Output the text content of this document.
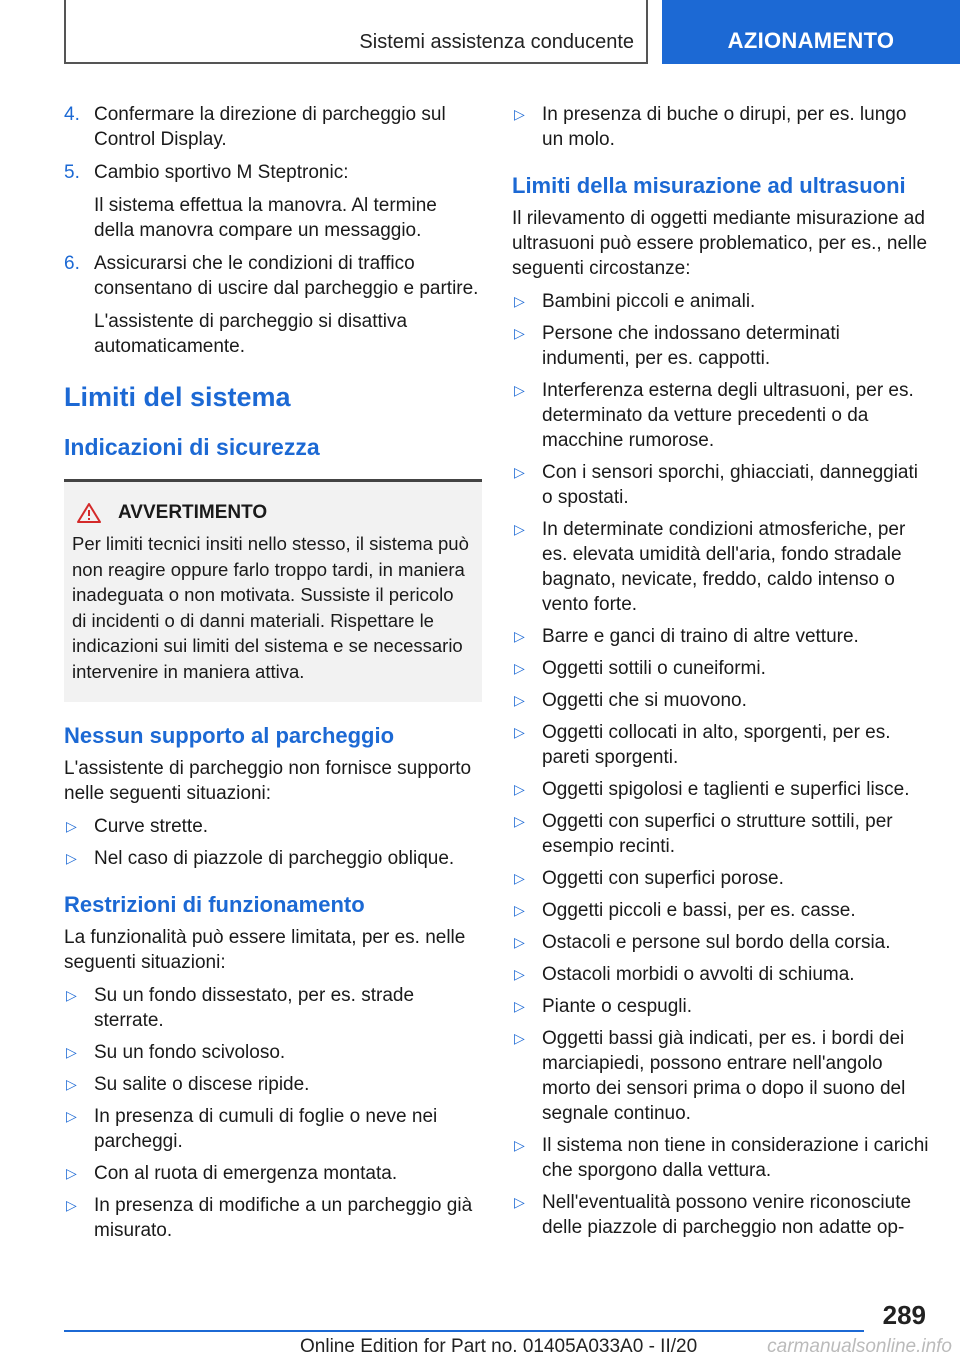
Sistemi assistenza conducente	AZIONAMENTO
4. Confermare la direzione di parcheggio sul Control Display.
5. Cambio sportivo M Steptronic:
Il sistema effettua la manovra. Al termine della manovra compare un messaggio.
6. Assicurarsi che le condizioni di traffico consentano di uscire dal parcheggio e partire.
L'assistente di parcheggio si disattiva automaticamente.
Limiti del sistema
Indicazioni di sicurezza
AVVERTIMENTO
Per limiti tecnici insiti nello stesso, il sistema può non reagire oppure farlo troppo tardi, in maniera inadeguata o non motivata. Sussiste il pericolo di incidenti o di danni materiali. Rispettare le indicazioni sui limiti del sistema e se necessario intervenire in maniera attiva.
Nessun supporto al parcheggio

L'assistente di parcheggio non fornisce supporto nelle seguenti situazioni:

▷ Curve strette.
▷ Nel caso di piazzole di parcheggio oblique.
Restrizioni di funzionamento

La funzionalità può essere limitata, per es. nelle seguenti situazioni:

▷ Su un fondo dissestato, per es. strade sterrate.
▷ Su un fondo scivoloso.
▷ Su salite o discese ripide.
▷ In presenza di cumuli di foglie o neve nei parcheggi.
▷ Con al ruota di emergenza montata.
▷ In presenza di modifiche a un parcheggio già misurato.
▷ In presenza di buche o dirupi, per es. lungo un molo.
Limiti della misurazione ad ultrasuoni

Il rilevamento di oggetti mediante misurazione ad ultrasuoni può essere problematico, per es., nelle seguenti circostanze:

▷ Bambini piccoli e animali.
▷ Persone che indossano determinati indumenti, per es. cappotti.
▷ Interferenza esterna degli ultrasuoni, per es. determinato da vetture precedenti o da macchine rumorose.
▷ Con i sensori sporchi, ghiacciati, danneggiati o spostati.
▷ In determinate condizioni atmosferiche, per es. elevata umidità dell'aria, fondo stradale bagnato, nevicate, freddo, caldo intenso o vento forte.
▷ Barre e ganci di traino di altre vetture.
▷ Oggetti sottili o cuneiformi.
▷ Oggetti che si muovono.
▷ Oggetti collocati in alto, sporgenti, per es. pareti sporgenti.
▷ Oggetti spigolosi e taglienti e superfici lisce.
▷ Oggetti con superfici o strutture sottili, per esempio recinti.
▷ Oggetti con superfici porose.
▷ Oggetti piccoli e bassi, per es. casse.
▷ Ostacoli e persone sul bordo della corsia.
▷ Ostacoli morbidi o avvolti di schiuma.
▷ Piante o cespugli.
▷ Oggetti bassi già indicati, per es. i bordi dei marciapiedi, possono entrare nell'angolo morto dei sensori prima o dopo il suono del segnale continuo.
▷ Il sistema non tiene in considerazione i carichi che sporgono dalla vettura.
▷ Nell'eventualità possono venire riconosciute delle piazzole di parcheggio non adatte op-
289
Online Edition for Part no. 01405A033A0 - II/20	carmanualsonline.info
